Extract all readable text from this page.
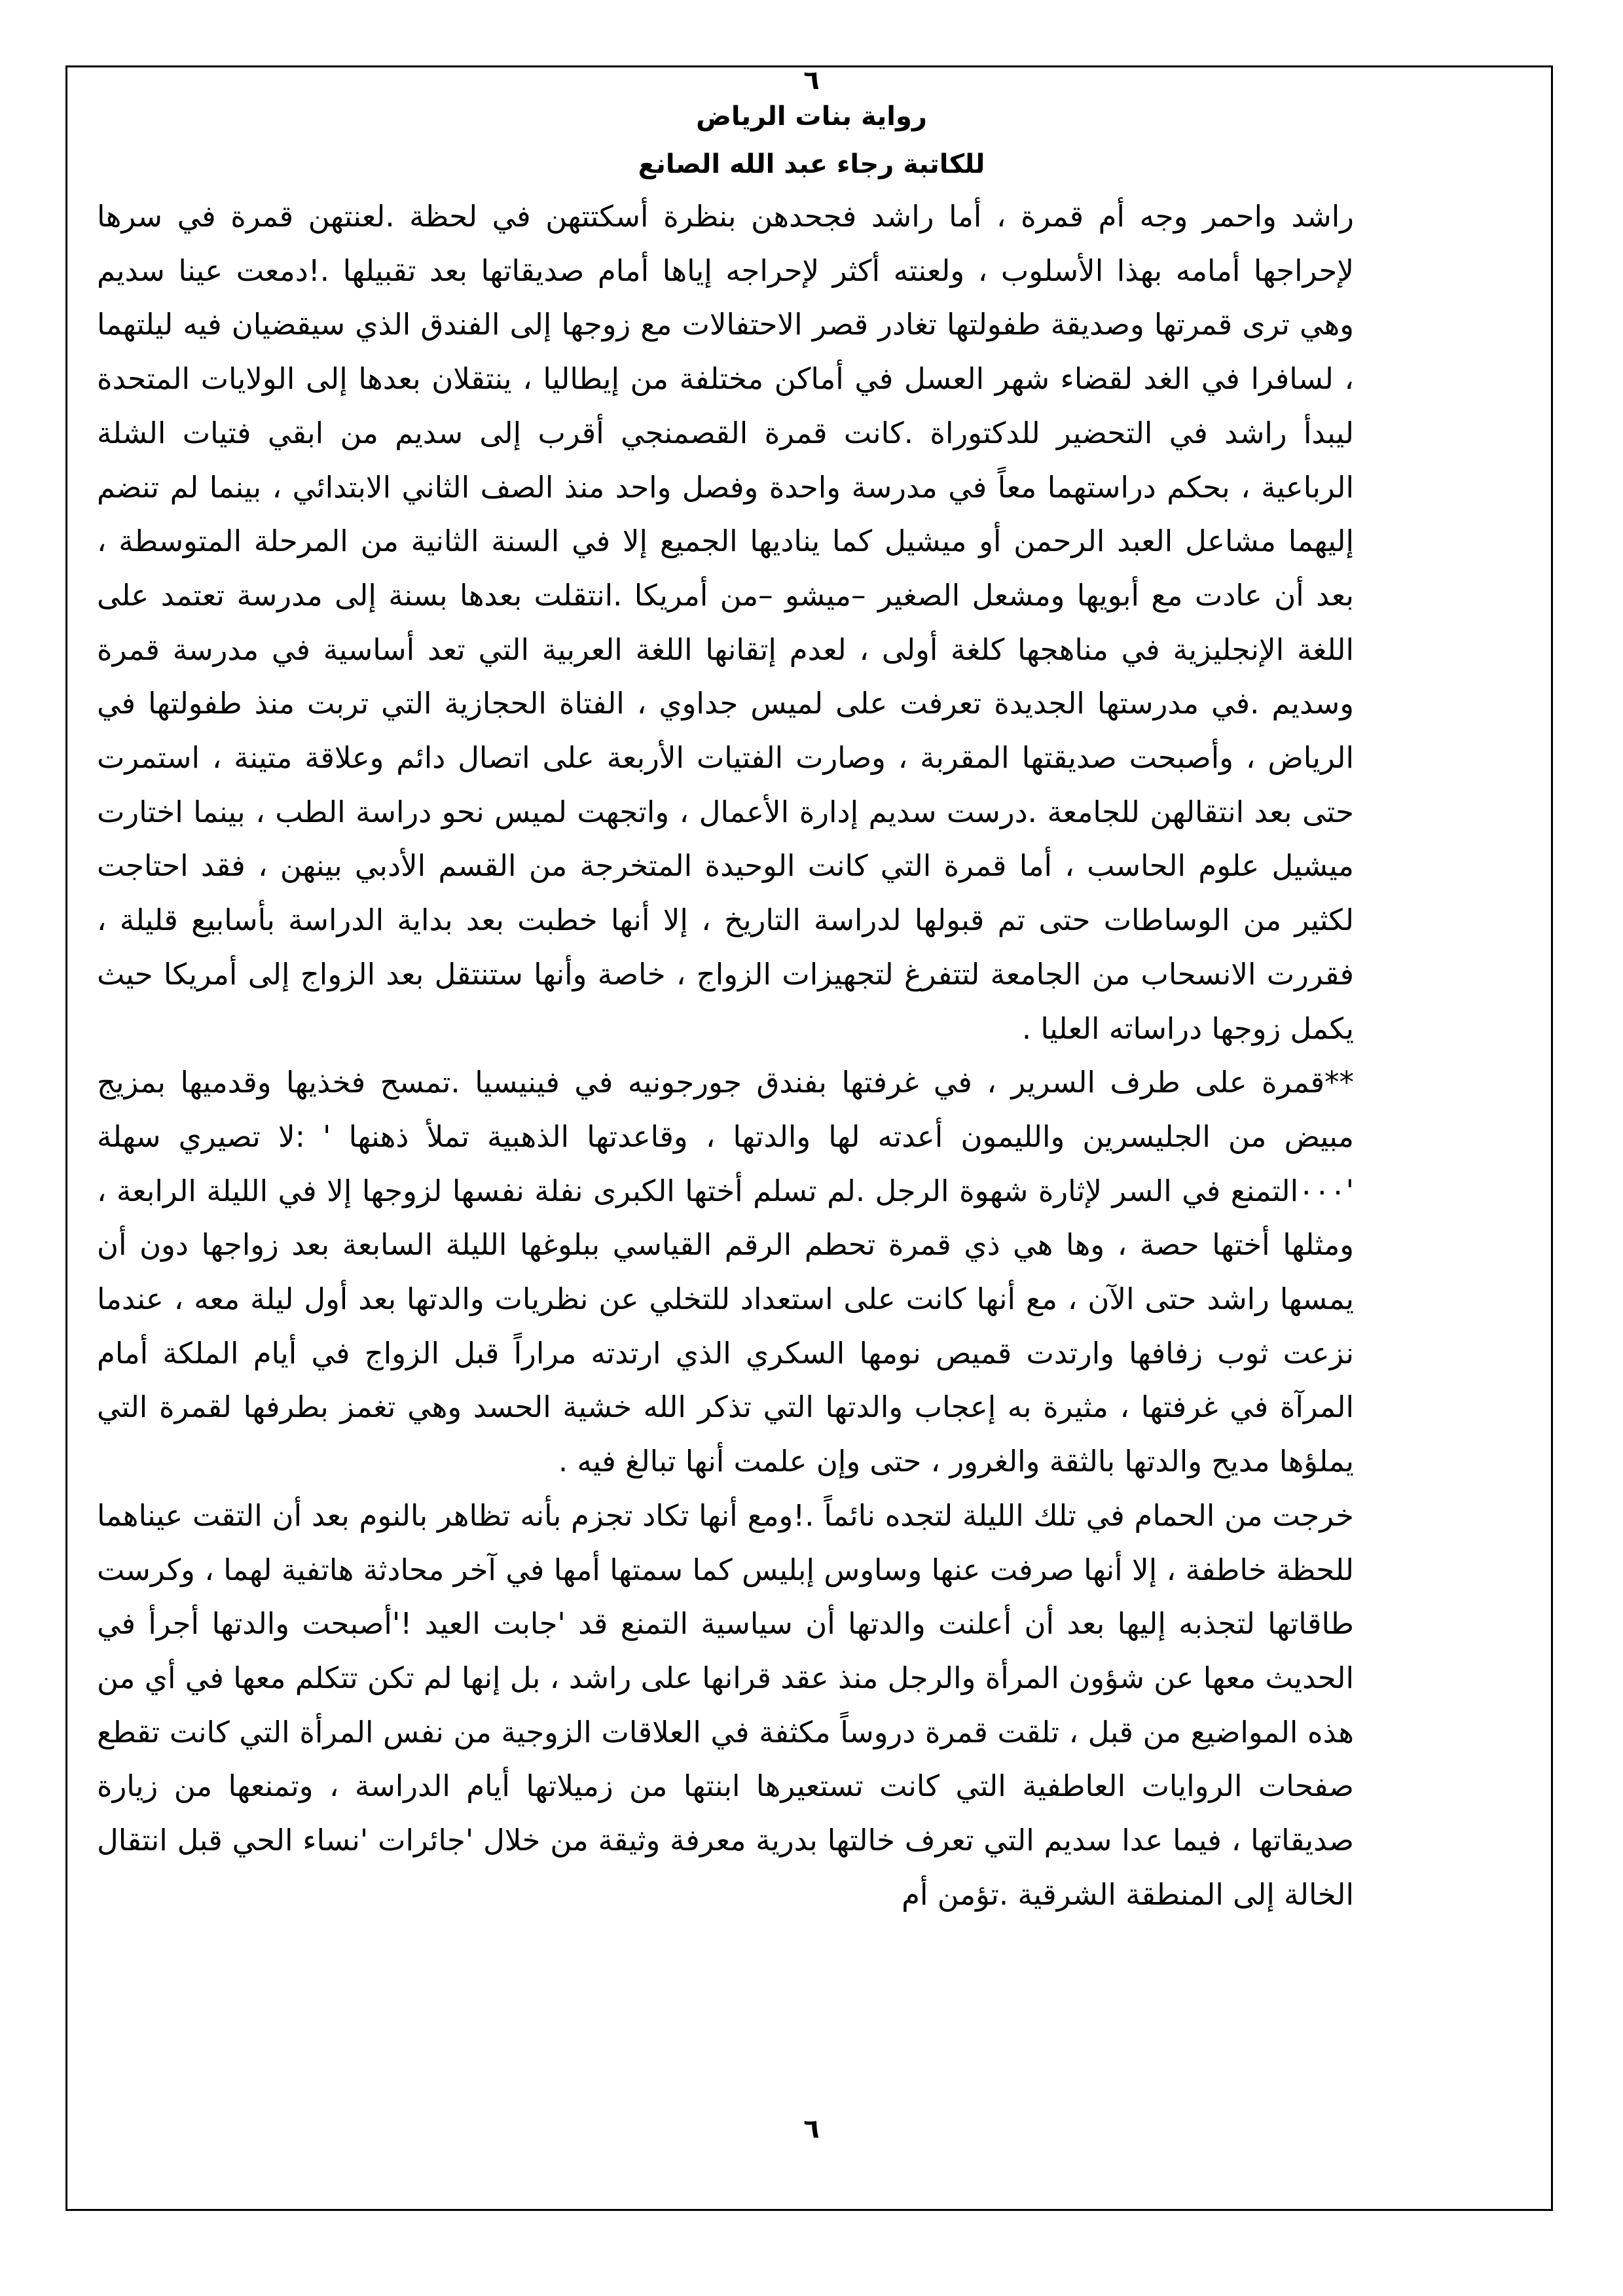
٦
رواية بنات الرياض
للكاتبة رجاء عبد الله الصانع

راشد واحمر وجه أم قمرة ، أما راشد فجحدهن بنظرة أسكتتهن في لحظة .لعنتهن قمرة في سرها لإحراجها أمامه بهذا الأسلوب ، ولعنته أكثر لإحراجه إياها أمام صديقاتها بعد تقبيلها .!دمعت عينا سديم وهي ترى قمرتها وصديقة طفولتها تغادر قصر الاحتفالات مع زوجها إلى الفندق الذي سيقضيان فيه ليلتهما ، لسافرا في الغد لقضاء شهر العسل في أماكن مختلفة من إيطاليا ، ينتقلان بعدها إلى الولايات المتحدة ليبدأ راشد في التحضير للدكتوراة .كانت قمرة القصمنجي أقرب إلى سديم من ابقي فتيات الشلة الرباعية ، بحكم دراستهما معاً في مدرسة واحدة وفصل واحد منذ الصف الثاني الابتدائي ، بينما لم تنضم إليهما مشاعل العبد الرحمن أو ميشيل كما يناديها الجميع إلا في السنة الثانية من المرحلة المتوسطة ، بعد أن عادت مع أبويها ومشعل الصغير –ميشو –من أمريكا .انتقلت بعدها بسنة إلى مدرسة تعتمد على اللغة الإنجليزية في مناهجها كلغة أولى ، لعدم إتقانها اللغة العربية التي تعد أساسية في مدرسة قمرة وسديم .في مدرستها الجديدة تعرفت على لميس جداوي ، الفتاة الحجازية التي تربت منذ طفولتها في الرياض ، وأصبحت صديقتها المقربة ، وصارت الفتيات الأربعة على اتصال دائم وعلاقة متينة ، استمرت حتى بعد انتقالهن للجامعة .درست سديم إدارة الأعمال ، واتجهت لميس نحو دراسة الطب ، بينما اختارت ميشيل علوم الحاسب ، أما قمرة التي كانت الوحيدة المتخرجة من القسم الأدبي بينهن ، فقد احتاجت لكثير من الوساطات حتى تم قبولها لدراسة التاريخ ، إلا أنها خطبت بعد بداية الدراسة بأسابيع قليلة ، فقررت الانسحاب من الجامعة لتتفرغ لتجهيزات الزواج ، خاصة وأنها ستنتقل بعد الزواج إلى أمريكا حيث يكمل زوجها دراساته العليا .

**قمرة على طرف السرير ، في غرفتها بفندق جورجونيه في فينيسيا .تمسح فخذيها وقدميها بمزيج مبيض من الجليسرين والليمون أعدته لها والدتها ، وقاعدتها الذهبية تملأ ذهنها ' :لا تصيري سهلة '٠٠٠التمنع في السر لإثارة شهوة الرجل .لم تسلم أختها الكبرى نفلة نفسها لزوجها إلا في الليلة الرابعة ، ومثلها أختها حصة ، وها هي ذي قمرة تحطم الرقم القياسي ببلوغها الليلة السابعة بعد زواجها دون أن يمسها راشد حتى الآن ، مع أنها كانت على استعداد للتخلي عن نظريات والدتها بعد أول ليلة معه ، عندما نزعت ثوب زفافها وارتدت قميص نومها السكري الذي ارتدته مراراً قبل الزواج في أيام الملكة أمام المرآة في غرفتها ، مثيرة به إعجاب والدتها التي تذكر الله خشية الحسد وهي تغمز بطرفها لقمرة التي يملؤها مديح والدتها بالثقة والغرور ، حتى وإن علمت أنها تبالغ فيه .

خرجت من الحمام في تلك الليلة لتجده نائماً .!ومع أنها تكاد تجزم بأنه تظاهر بالنوم بعد أن التقت عيناهما للحظة خاطفة ، إلا أنها صرفت عنها وساوس إبليس كما سمتها أمها في آخر محادثة هاتفية لهما ، وكرست طاقاتها لتجذبه إليها بعد أن أعلنت والدتها أن سياسية التمنع قد 'جابت العيد !'أصبحت والدتها أجرأ في الحديث معها عن شؤون المرأة والرجل منذ عقد قرانها على راشد ، بل إنها لم تكن تتكلم معها في أي من هذه المواضيع من قبل ، تلقت قمرة دروساً مكثفة في العلاقات الزوجية من نفس المرأة التي كانت تقطع صفحات الروايات العاطفية التي كانت تستعيرها ابنتها من زميلاتها أيام الدراسة ، وتمنعها من زيارة صديقاتها ، فيما عدا سديم التي تعرف خالتها بدرية معرفة وثيقة من خلال 'جائرات 'نساء الحي قبل انتقال الخالة إلى المنطقة الشرقية .تؤمن أم

٦
